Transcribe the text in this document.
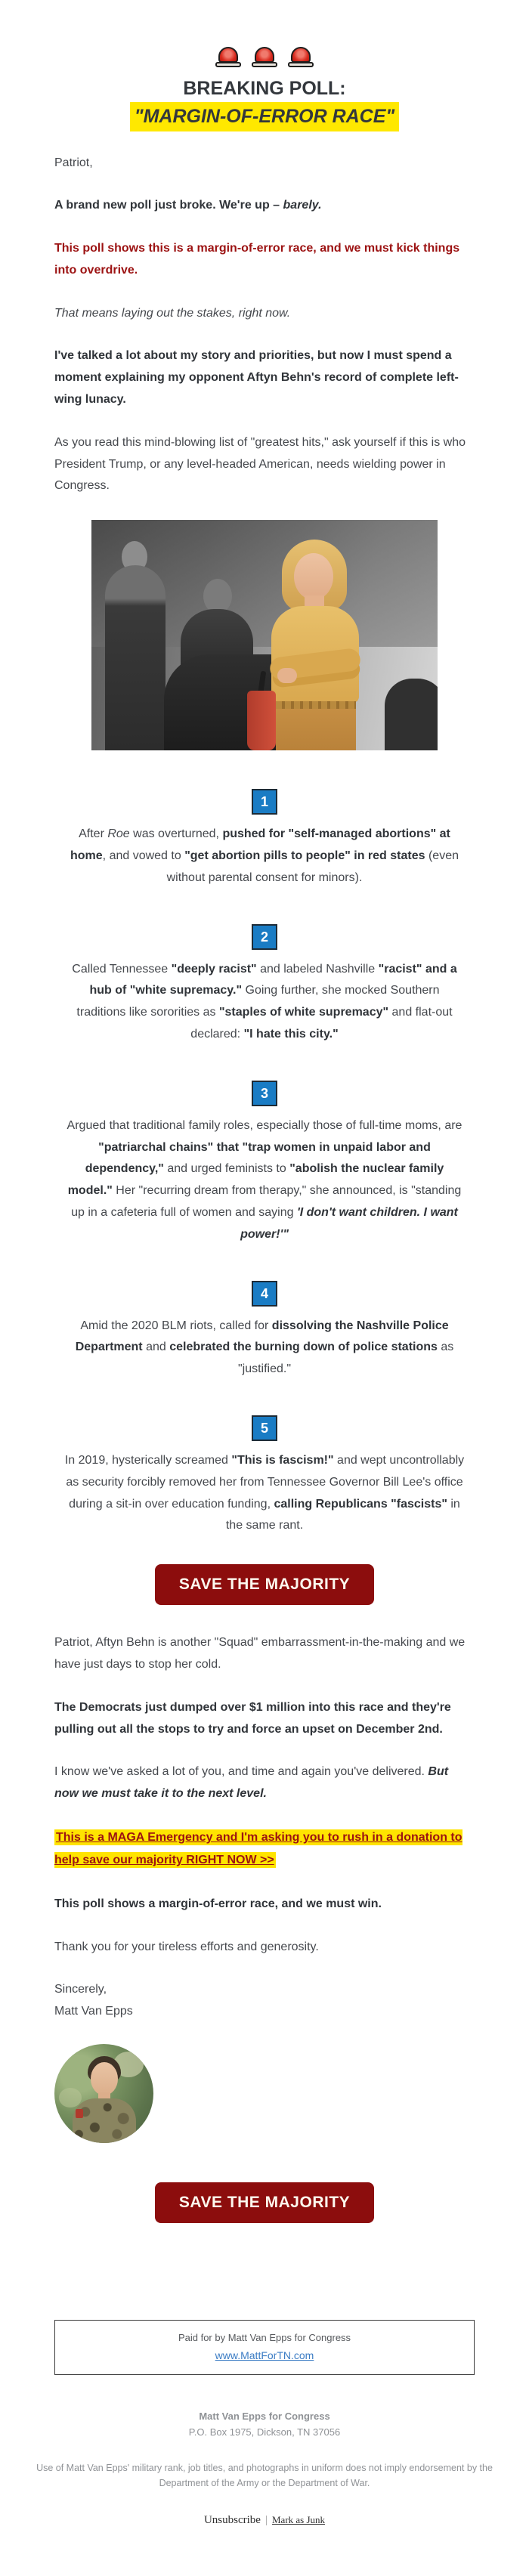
BREAKING POLL:
"MARGIN-OF-ERROR RACE"

Patriot,

A brand new poll just broke. We're up – barely.

This poll shows this is a margin-of-error race, and we must kick things into overdrive.

That means laying out the stakes, right now.

I've talked a lot about my story and priorities, but now I must spend a moment explaining my opponent Aftyn Behn's record of complete left-wing lunacy.

As you read this mind-blowing list of "greatest hits," ask yourself if this is who President Trump, or any level-headed American, needs wielding power in Congress.

1

After Roe was overturned, pushed for "self-managed abortions" at home, and vowed to "get abortion pills to people" in red states (even without parental consent for minors).

2

Called Tennessee "deeply racist" and labeled Nashville "racist" and a hub of "white supremacy." Going further, she mocked Southern traditions like sororities as "staples of white supremacy" and flat-out declared: "I hate this city."

3

Argued that traditional family roles, especially those of full-time moms, are "patriarchal chains" that "trap women in unpaid labor and dependency," and urged feminists to "abolish the nuclear family model." Her "recurring dream from therapy," she announced, is "standing up in a cafeteria full of women and saying 'I don't want children. I want power!'"

4

Amid the 2020 BLM riots, called for dissolving the Nashville Police Department and celebrated the burning down of police stations as "justified."

5

In 2019, hysterically screamed "This is fascism!" and wept uncontrollably as security forcibly removed her from Tennessee Governor Bill Lee's office during a sit-in over education funding, calling Republicans "fascists" in the same rant.

SAVE THE MAJORITY

Patriot, Aftyn Behn is another "Squad" embarrassment-in-the-making and we have just days to stop her cold.

The Democrats just dumped over $1 million into this race and they're pulling out all the stops to try and force an upset on December 2nd.

I know we've asked a lot of you, and time and again you've delivered. But now we must take it to the next level.

This is a MAGA Emergency and I'm asking you to rush in a donation to help save our majority RIGHT NOW >>

This poll shows a margin-of-error race, and we must win.

Thank you for your tireless efforts and generosity.

Sincerely,
Matt Van Epps

SAVE THE MAJORITY

Paid for by Matt Van Epps for Congress

www.MattForTN.com

Matt Van Epps for Congress

P.O. Box 1975, Dickson, TN 37056

Use of Matt Van Epps' military rank, job titles, and photographs in uniform does not imply endorsement by the Department of the Army or the Department of War.

Unsubscribe | Mark as Junk
